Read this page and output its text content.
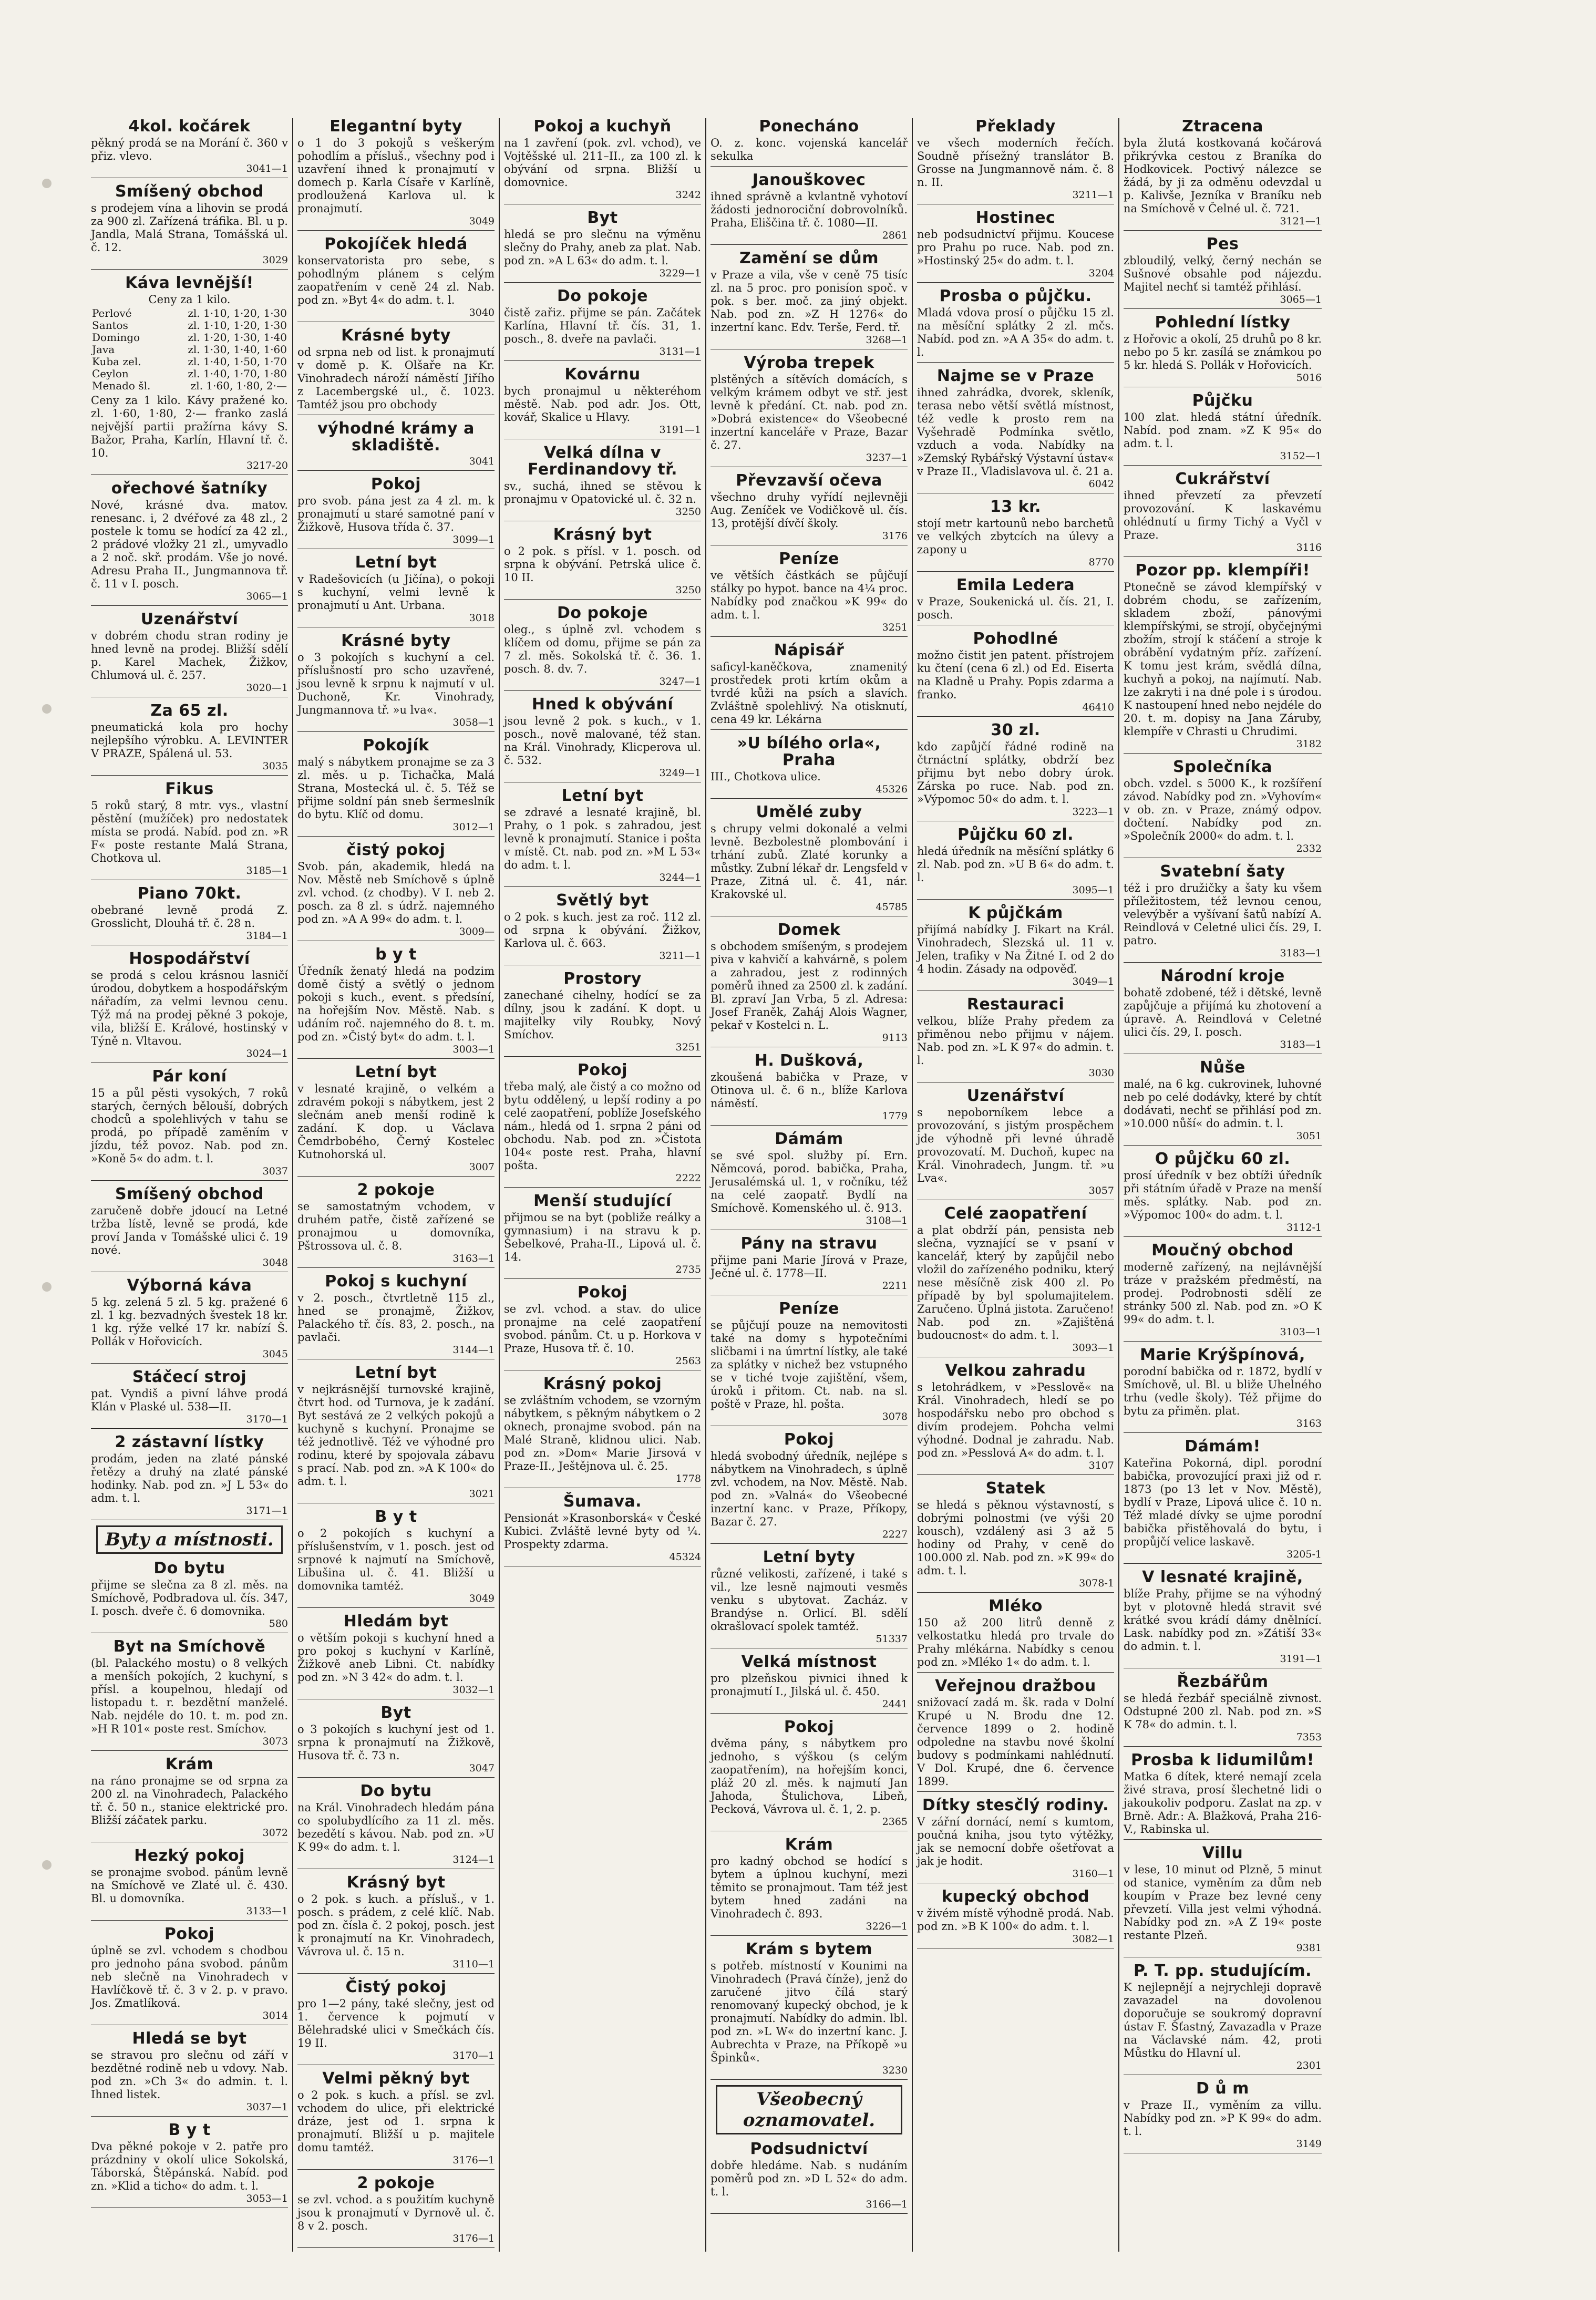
4kol. kočárek

pěkný prodá se na Morání č. 360 v přiz. vlevo.

3041—1
Smíšený obchod

s prodejem vína a lihovin se prodá za 900 zl. Zařízená tráfika. Bl. u p. Jandla, Malá Strana, Tomášská ul. č. 12.

3029
Káva levnější!

Ceny za 1 kilo.

Perlové	zl. 1·10, 1·20, 1·30
Santos	zl. 1·10, 1·20, 1·30
Domingo	zl. 1·20, 1·30, 1·40
Java	zl. 1·30, 1·40, 1·60
Kuba zel.	zl. 1·40, 1·50, 1·70
Ceylon	zl. 1·40, 1·70, 1·80
Menado šl.	zl. 1·60, 1·80, 2·—

Ceny za 1 kilo. Kávy pražené ko. zl. 1·60, 1·80, 2·— franko zaslá nejvější partii pražírna kávy S. Bažor, Praha, Karlín, Hlavní tř. č. 10.

3217-20
ořechové šatníky

Nové, krásné dva. matov. renesanc. i, 2 dvéřové za 48 zl., 2 postele k tomu se hodící za 42 zl., 2 prádové vložky 21 zl., umyvadlo a 2 noč. skř. prodám. Vše jo nové. Adresu Praha II., Jungmannova tř. č. 11 v I. posch.

3065—1
Uzenářství

v dobrém chodu stran rodiny je hned levně na prodej. Bližší sdělí p. Karel Machek, Žižkov, Chlumová ul. č. 257.

3020—1
Za 65 zl.

pneumatická kola pro hochy nejlepšího výrobku. A. LEVINTER V PRAZE, Spálená ul. 53.

3035
Fikus

5 roků starý, 8 mtr. vys., vlastní pěstění (mužíček) pro nedostatek místa se prodá. Nabíd. pod zn. »R F« poste restante Malá Strana, Chotkova ul.

3185—1
Piano 70kt.

obebrané levně prodá Z. Grosslicht, Dlouhá tř. č. 28 n.

3184—1
Hospodářství

se prodá s celou krásnou lasničí úrodou, dobytkem a hospodářským nářadím, za velmi levnou cenu. Týž má na prodej pěkné 3 pokoje, vila, bližší E. Králové, hostinský v Týně n. Vltavou.

3024—1
Pár koní

15 a půl pěsti vysokých, 7 roků starých, černých bělouší, dobrých chodců a spolehlivých v tahu se prodá, po případě zaměním v jízdu, též povoz. Nab. pod zn. »Koně 5« do adm. t. l.

3037
Smíšený obchod

zaručeně dobře jdoucí na Letné tržba lístě, levně se prodá, kde proví Janda v Tomášské ulici č. 19 nové.

3048
Výborná káva

5 kg. zelená 5 zl. 5 kg. pražené 6 zl. 1 kg. bezvadných švestek 18 kr. 1 kg. rýže velké 17 kr. nabízí Š. Pollák v Hořovicích.

3045
Stáčecí stroj

pat. Vyndiš a pivní láhve prodá Klán v Plaské ul. 538—II.

3170—1
2 zástavní lístky

prodám, jeden na zlaté pánské řetězy a druhý na zlaté pánské hodinky. Nab. pod zn. »J L 53« do adm. t. l.

3171—1
Byty a místnosti.
Do bytu

přijme se slečna za 8 zl. měs. na Smíchově, Podbradova ul. čís. 347, I. posch. dveře č. 6 domovnika.

580
Byt na Smíchově

(bl. Palackého mostu) o 8 velkých a menších pokojích, 2 kuchyní, s přísl. a koupelnou, hledají od listopadu t. r. bezdětní manželé. Nab. nejdéle do 10. t. m. pod zn. »H R 101« poste rest. Smíchov.

3073
Krám

na ráno pronajme se od srpna za 200 zl. na Vinohradech, Palackého tř. č. 50 n., stanice elektrické pro. Bližší záčatek parku.

3072
Hezký pokoj

se pronajme svobod. pánům levně na Smíchově ve Zlaté ul. č. 430. Bl. u domovníka.

3133—1
Pokoj

úplně se zvl. vchodem s chodbou pro jednoho pána svobod. pánům neb slečně na Vinohradech v Havlíčkově tř. č. 3 v 2. p. v pravo. Jos. Zmatlíková.

3014
Hledá se byt

se stravou pro slečnu od září v bezdětné rodině neb u vdovy. Nab. pod zn. »Ch 3« do admin. t. l. Ihned listek.

3037—1
B y t

Dva pěkné pokoje v 2. patře pro prázdniny v okolí ulice Sokolská, Táborská, Štěpánská. Nabíd. pod zn. »Klid a ticho« do adm. t. l.

3053—1
Elegantní byty

o 1 do 3 pokojů s veškerým pohodlím a přísluš., všechny pod i uzavření ihned k pronajmutí v domech p. Karla Císaře v Karlíně, prodloužená Karlova ul. k pronajmutí.

3049
Pokojíček hledá

konservatorista pro sebe, s pohodlným plánem s celým zaopatřením v ceně 24 zl. Nab. pod zn. »Byt 4« do adm. t. l.

3040
Krásné byty

od srpna neb od list. k pronajmutí v domě p. K. Olšaře na Kr. Vinohradech nároží náměstí Jiřího z Lacembergské ul., č. 1023. Tamtéž jsou pro obchody

výhodné krámy a skladiště.

3041
Pokoj

pro svob. pána jest za 4 zl. m. k pronajmutí u staré samotné paní v Žižkově, Husova třída č. 37.

3099—1
Letní byt

v Radešovicích (u Jičína), o pokoji s kuchyní, velmi levně k pronajmutí u Ant. Urbana.

3018
Krásné byty

o 3 pokojích s kuchyní a cel. příslušností pro scho uzavřené, jsou levně k srpnu k najmutí v ul. Duchoně, Kr. Vinohrady, Jungmannova tř. »u lva«.

3058—1
Pokojík

malý s nábytkem pronajme se za 3 zl. měs. u p. Tichačka, Malá Strana, Mostecká ul. č. 5. Též se přijme soldní pán sneb šermeslník do bytu. Klíč od domu.

3012—1
čistý pokoj

Svob. pán, akademik, hledá na Nov. Městě neb Smíchově s úplně zvl. vchod. (z chodby). V I. neb 2. posch. za 8 zl. s údrž. najemného pod zn. »A A 99« do adm. t. l.

3009—
b y t

Úředník ženatý hledá na podzim domě čistý a světlý o jednom pokoji s kuch., event. s předsíní, na hořejším Nov. Městě. Nab. s udáním roč. najemného do 8. t. m. pod zn. »Čistý byt« do adm. t. l.

3003—1
Letní byt

v lesnaté krajině, o velkém a zdravém pokoji s nábytkem, jest 2 slečnám aneb menší rodině k zadání. K dop. u Václava Čemdrbobého, Černý Kostelec Kutnohorská ul.

3007
2 pokoje

se samostatným vchodem, v druhém patře, čistě zařízené se pronajmou u domovníka, Pštrossova ul. č. 8.

3163—1
Pokoj s kuchyní

v 2. posch., čtvrtletně 115 zl., hned se pronajmě, Žižkov, Palackého tř. čís. 83, 2. posch., na pavlači.

3144—1
Letní byt

v nejkrásnější turnovské krajině, čtvrt hod. od Turnova, je k zadání. Byt sestává ze 2 velkých pokojů a kuchyně s kuchyní. Pronajme se též jednotlivě. Též ve výhodné pro rodinu, které by spojovala zábavu s prací. Nab. pod zn. »A K 100« do adm. t. l.

3021
B y t

o 2 pokojích s kuchyní a příslušenstvím, v 1. posch. jest od srpnové k najmutí na Smíchově, Libušina ul. č. 41. Bližší u domovnika tamtéž.

3049
Hledám byt

o větším pokoji s kuchyní hned a pro pokoj s kuchyní v Karlíně, Žižkově aneb Libni. Ct. nabídky pod zn. »N 3 42« do adm. t. l.

3032—1
Byt

o 3 pokojích s kuchyní jest od 1. srpna k pronajmutí na Žižkově, Husova tř. č. 73 n.

3047
Do bytu

na Král. Vinohradech hledám pána co spolubydlícího za 11 zl. měs. bezedětí s kávou. Nab. pod zn. »U K 99« do adm. t. l.

3124—1
Krásný byt

o 2 pok. s kuch. a přísluš., v 1. posch. s prádem, z celé klíč. Nab. pod zn. čísla č. 2 pokoj, posch. jest k pronajmutí na Kr. Vinohradech, Vávrova ul. č. 15 n.

3110—1
Čistý pokoj

pro 1—2 pány, také slečny, jest od 1. července k pojmutí v Bělehradské ulici v Smečkách čís. 19 II.

3170—1
Velmi pěkný byt

o 2 pok. s kuch. a přísl. se zvl. vchodem do ulice, při elektrické dráze, jest od 1. srpna k pronajmutí. Bližší u p. majitele domu tamtéž.

3176—1
2 pokoje

se zvl. vchod. a s použitím kuchyně jsou k pronajmutí v Dyrnově ul. č. 8 v 2. posch.

3176—1
Pokoj a kuchyň

na 1 zavření (pok. zvl. vchod), ve Vojtěšské ul. 211–II., za 100 zl. k obývání od srpna. Bližší u domovnice.

3242
Byt

hledá se pro slečnu na výměnu slečny do Prahy, aneb za plat. Nab. pod zn. »A L 63« do adm. t. l.

3229—1
Do pokoje

čistě zařiz. přijme se pán. Začátek Karlína, Hlavní tř. čís. 31, 1. posch., 8. dveře na pavlači.

3131—1
Kovárnu

bych pronajmul u některéhom městě. Nab. pod adr. Jos. Ott, kovář, Skalice u Hlavy.

3191—1
Velká dílna v Ferdinandovy tř.

sv., suchá, ihned se stěvou k pronajmu v Opatovické ul. č. 32 n.

3250
Krásný byt

o 2 pok. s přísl. v 1. posch. od srpna k obývání. Petrská ulice č. 10 II.

3250
Do pokoje

oleg., s úplně zvl. vchodem s klíčem od domu, přijme se pán za 7 zl. měs. Sokolská tř. č. 36. 1. posch. 8. dv. 7.

3247—1
Hned k obývání

jsou levně 2 pok. s kuch., v 1. posch., nově malované, též stan. na Král. Vinohrady, Klicperova ul. č. 532.

3249—1
Letní byt

se zdravé a lesnaté krajině, bl. Prahy, o 1 pok. s zahradou, jest levně k pronajmutí. Stanice i pošta v místě. Ct. nab. pod zn. »M L 53« do adm. t. l.

3244—1
Světlý byt

o 2 pok. s kuch. jest za roč. 112 zl. od srpna k obývání. Žižkov, Karlova ul. č. 663.

3211—1
Prostory

zanechané cihelny, hodící se za dílny, jsou k zadání. K dopt. u majitelky vily Roubky, Nový Smíchov.

3251
Pokoj

třeba malý, ale čistý a co možno od bytu oddělený, u lepší rodiny a po celé zaopatření, poblíže Josefského nám., hledá od 1. srpna 2 páni od obchodu. Nab. pod zn. »Čistota 104« poste rest. Praha, hlavní pošta.

2222
Menší studující

přijmou se na byt (pobliže reálky a gymnasium) i na stravu k p. Šebelkové, Praha-II., Lipová ul. č. 14.

2735
Pokoj

se zvl. vchod. a stav. do ulice pronajme na celé zaopatření svobod. pánům. Ct. u p. Horkova v Praze, Husova tř. č. 10.

2563
Krásný pokoj

se zvláštním vchodem, se vzorným nábytkem, s pěkným nábytkem o 2 oknech, pronajme svobod. pán na Malé Straně, klidnou ulici. Nab. pod zn. »Dom« Marie Jirsová v Praze-II., Ještějnova ul. č. 25.

1778
Šumava.

Pensionát »Krasonborská« v České Kubici. Zvláště levné byty od ¼. Prospekty zdarma.

45324
Ponecháno

O. z. konc. vojenská kancelář sekulka

Janouškovec

ihned správně a kvlantně vyhotoví žádosti jednorociční dobrovolníků. Praha, Eliščina tř. č. 1080—II.

2861
Zamění se dům

v Praze a vila, vše v ceně 75 tisíc zl. na 5 proc. pro ponisíon spoč. v pok. s ber. moč. za jiný objekt. Nab. pod zn. »Z H 1276« do inzertní kanc. Edv. Terše, Ferd. tř.

3268—1
Výroba trepek

plstěných a sítěvích domácích, s velkým krámem odbyt ve stř. jest levně k předání. Ct. nab. pod zn. »Dobrá existence« do Všeobecné inzertní kanceláře v Praze, Bazar č. 27.

3237—1
Převzavší očeva

všechno druhy vyřídí nejlevněji Aug. Zeníček ve Vodičkově ul. čís. 13, protější dívčí školy.

3176
Peníze

ve větších částkách se půjčují stálky po hypot. bance na 4¼ proc. Nabídky pod značkou »K 99« do adm. t. l.

3251
Nápisář

saficyl-kaněčkova, znamenitý prostředek proti krtím okům a tvrdé kůži na psích a slavích. Zvláštně spolehlivý. Na otisknutí, cena 49 kr. Lékárna

»U bílého orla«, Praha

III., Chotkova ulice.

45326
Umělé zuby

s chrupy velmi dokonalé a velmi levně. Bezbolestně plombování i trhání zubů. Zlaté korunky a můstky. Zubní lékař dr. Lengsfeld v Praze, Zitná ul. č. 41, nár. Krakovské ul.

45785
Domek

s obchodem smíšeným, s prodejem piva v kahvičí a kahvárně, s polem a zahradou, jest z rodinných poměrů ihned za 2500 zl. k zadání. Bl. zpraví Jan Vrba, 5 zl. Adresa: Josef Franěk, Zaháj Alois Wagner, pekař v Kostelci n. L.

9113
H. Dušková,

zkoušená babička v Praze, v Otinova ul. č. 6 n., blíže Karlova náměstí.

1779
Dámám

se své spol. služby pí. Ern. Němcová, porod. babička, Praha, Jerusalémská ul. 1, v ročníku, též na celé zaopatř. Bydlí na Smíchově. Komenského ul. č. 913.

3108—1
Pány na stravu

přijme pani Marie Jírová v Praze, Ječné ul. č. 1778—II.

2211
Peníze

se půjčují pouze na nemovitosti také na domy s hypotečními sličbami i na úmrtní lístky, ale také za splátky v nichež bez vstupného se v tiché tvoje zajištění, všem, úroků i přitom. Ct. nab. na sl. poště v Praze, hl. pošta.

3078
Pokoj

hledá svobodný úředník, nejlépe s nábytkem na Vinohradech, s úplně zvl. vchodem, na Nov. Městě. Nab. pod zn. »Valná« do Všeobecné inzertní kanc. v Praze, Příkopy, Bazar č. 27.

2227
Letní byty

různé velikosti, zařízené, i také s vil., lze lesně najmouti vesměs venku s ubytovat. Zacház. v Brandýse n. Orlicí. Bl. sdělí okrašlovací spolek tamtéž.

51337
Velká místnost

pro plzeňskou pivnici ihned k pronajmutí I., Jilská ul. č. 450.

2441
Pokoj

dvěma pány, s nábytkem pro jednoho, s výškou (s celým zaopatřením), na hořejším konci, pláž 20 zl. měs. k najmutí Jan Jahoda, Štulichova, Libeň, Pecková, Vávrova ul. č. 1, 2. p.

2365
Krám

pro kadný obchod se hodící s bytem a úplnou kuchyní, mezi těmito se pronajmout. Tam též jest bytem hned zadáni na Vinohradech č. 893.

3226—1
Krám s bytem

s potřeb. místností v Kounimi na Vinohradech (Pravá čínže), jenž do zaručené jitvo čílá starý renomovaný kupecký obchod, je k pronajmutí. Nabídky do admin. lbl. pod zn. »L W« do inzertní kanc. J. Aubrechta v Praze, na Příkopě »u Špinků«.

3230
Všeobecný oznamovatel.
Podsudnictví

dobře hledáme. Nab. s nudáním poměrů pod zn. »D L 52« do adm. t. l.

3166—1
Překlady

ve všech moderních řečích. Soudně přísežný translátor B. Grosse na Jungmannově nám. č. 8 n. II.

3211—1
Hostinec

neb podsudnictví přijmu. Koucese pro Prahu po ruce. Nab. pod zn. »Hostinský 25« do adm. t. l.

3204
Prosba o půjčku.

Mladá vdova prosí o půjčku 15 zl. na měsíční splátky 2 zl. mčs. Nabíd. pod zn. »A A 35« do adm. t. l.

Najme se v Praze

ihned zahrádka, dvorek, skleník, terasa nebo větší světlá místnost, též vedle k prosto rem na Vyšehradě Podmínka světlo, vzduch a voda. Nabídky na »Zemský Rybářský Výstavní ústav« v Praze II., Vladislavova ul. č. 21 a.

6042
13 kr.

stojí metr kartounů nebo barchetů ve velkých zbytcích na úlevy a zapony u

8770
Emila Ledera

v Praze, Soukenická ul. čís. 21, I. posch.

Pohodlné

možno čistit jen patent. přístrojem ku čtení (cena 6 zl.) od Ed. Eiserta na Kladně u Prahy. Popis zdarma a franko.

46410
30 zl.

kdo zapůjčí řádné rodině na čtrnáctní splátky, obdrží bez přijmu byt nebo dobry úrok. Zárska po ruce. Nab. pod zn. »Výpomoc 50« do adm. t. l.

3223—1
Půjčku 60 zl.

hledá úředník na měsíční splátky 6 zl. Nab. pod zn. »U B 6« do adm. t. l.

3095—1
K půjčkám

přijímá nabídky J. Fikart na Král. Vinohradech, Slezská ul. 11 v. Jelen, trafiky v Na Žitné I. od 2 do 4 hodin. Zásady na odpověď.

3049—1
Restauraci

velkou, blíže Prahy předem za přiměnou nebo přijmu v nájem. Nab. pod zn. »L K 97« do admin. t. l.

3030
Uzenářství

s nepoborníkem lebce a provozování, s jistým prospěchem jde výhodně při levné úhradě provozovatí. M. Duchoň, kupec na Král. Vinohradech, Jungm. tř. »u Lva«.

3057
Celé zaopatření

a plat obdrží pán, pensista neb slečna, vyznající se v psaní v kancelář, který by zapůjčil nebo vložil do zařízeného podniku, který nese měsíčně zisk 400 zl. Po případě by byl spolumajitelem. Zaručeno. Úplná jistota. Zaručeno! Nab. pod zn. »Zajištěná budoucnost« do adm. t. l.

3093—1
Velkou zahradu

s letohrádkem, v »Pesslově« na Král. Vinohradech, hledí se po hospodářsku nebo pro obchod s divím prodejem. Pohcha velmi výhodné. Dodnal je zahradu. Nab. pod zn. »Pesslová A« do adm. t. l.

3107
Statek

se hledá s pěknou výstavností, s dobrými polnostmi (ve výši 20 kousch), vzdálený asi 3 až 5 hodiny od Prahy, v ceně do 100.000 zl. Nab. pod zn. »K 99« do adm. t. l.

3078-1
Mléko

150 až 200 litrů denně z velkostatku hledá pro trvale do Prahy mlékárna. Nabídky s cenou pod zn. »Mléko 1« do adm. t. l.

Veřejnou dražbou

snižovací zadá m. šk. rada v Dolní Krupé u N. Brodu dne 12. července 1899 o 2. hodině odpoledne na stavbu nové školní budovy s podmínkami nahlédnutí. V Dol. Krupé, dne 6. července 1899.

Dítky stesčlý rodiny.

V zářní dornácí, nemí s kumtom, poučná kniha, jsou tyto výtěžky, jak se nemocní dobře ošetřovat a jak je hodit.

3160—1
kupecký obchod

v živém místě výhodně prodá. Nab. pod zn. »B K 100« do adm. t. l.

3082—1
Ztracena

byla žlutá kostkovaná kočárová přikrývka cestou z Braníka do Hodkovicek. Poctivý nálezce se žádá, by ji za odměnu odevzdal u p. Kalivše, Jezníka v Braníku neb na Smíchově v Čelné ul. č. 721.

3121—1
Pes

zbloudilý, velký, černý nechán se Sušnové obsahle pod nájezdu. Majitel nechť si tamtéž přihlásí.

3065—1
Pohlední lístky

z Hořovic a okolí, 25 druhů po 8 kr. nebo po 5 kr. zasílá se známkou po 5 kr. hledá S. Pollák v Hořovicích.

5016
Půjčku

100 zlat. hledá státní úředník. Nabíd. pod znam. »Z K 95« do adm. t. l.

3152—1
Cukrářství

ihned převzetí za převzetí provozování. K laskavému ohlédnutí u firmy Tichý a Vyčl v Praze.

3116
Pozor pp. klempíři!

Ptonečně se závod klempířský v dobrém chodu, se zařízením, skladem zboží, pánovými klempířskými, se strojí, obyčejnými zbožím, strojí k stáčení a stroje k obrábění vydatným příz. zařízení. K tomu jest krám, svědlá dílna, kuchyň a pokoj, na najímutí. Nab. lze zakryti i na dné pole i s úrodou. K nastoupení hned nebo nejdéle do 20. t. m. dopisy na Jana Záruby, klempíře v Chrasti u Chrudimi.

3182
Společníka

obch. vzdel. s 5000 K., k rozšíření závod. Nabídky pod zn. »Vyhovím« v ob. zn. v Praze, známý odpov. dočtení. Nabídky pod zn. »Společník 2000« do adm. t. l.

2332
Svatební šaty

též i pro družičky a šaty ku všem příležitostem, též levnou cenou, velevýběr a vyšívaní šatů nabízí A. Reindlová v Celetné ulici čís. 29, I. patro.

3183—1
Národní kroje

bohatě zdobené, též i dětské, levně zapůjčuje a přijímá ku zhotovení a úpravě. A. Reindlová v Celetné ulici čís. 29, I. posch.

3183—1
Nůše

malé, na 6 kg. cukrovinek, luhovné neb po celé dodávky, které by chtít dodávati, nechť se přihlásí pod zn. »10.000 nůší« do admin. t. l.

3051
O půjčku 60 zl.

prosí úředník v bez obtíži úředník při státním úřadě v Praze na menší měs. splátky. Nab. pod zn. »Výpomoc 100« do adm. t. l.

3112-1
Moučný obchod

moderně zařízený, na nejlávnější tráze v pražském předměstí, na prodej. Podrobnosti sdělí ze stránky 500 zl. Nab. pod zn. »O K 99« do adm. t. l.

3103—1
Marie Krýšpínová,

porodní babička od r. 1872, bydlí v Smíchově, ul. Bl. u bliže Uhelného trhu (vedle školy). Též přijme do bytu za přiměn. plat.

3163
Dámám!

Kateřina Pokorná, dipl. porodní babička, provozující praxi již od r. 1873 (po 13 let v Nov. Městě), bydlí v Praze, Lipová ulice č. 10 n. Též mladé dívky se ujme porodní babička přistěhovalá do bytu, i propůjčí velice laskavě.

3205-1
V lesnaté krajině,

blíže Prahy, přijme se na výhodný byt v plotovně hledá stravit své krátké svou krádí dámy dnělnící. Lask. nabídky pod zn. »Zátiší 33« do admin. t. l.

3191—1
Řezbářům

se hledá řezbář speciálně zivnost. Odstupné 200 zl. Nab. pod zn. »S K 78« do admin. t. l.

7353
Prosba k lidumilům!

Matka 6 dítek, které nemají zcela živé strava, prosí šlechetné lidi o jakoukoliv podporu. Zaslat na zp. v Brně. Adr.: A. Blažková, Praha 216-V., Rabinska ul.

Villu

v lese, 10 minut od Plzně, 5 minut od stanice, vyměním za dům neb koupím v Praze bez levné ceny převzetí. Villa jest velmi výhodná. Nabídky pod zn. »A Z 19« poste restante Plzeň.

9381
P. T. pp. studujícím.

K nejlepnějí a nejrychleji dopravě zavazadel na dovolenou doporučuje se soukromý dopravní ústav F. Šťastný, Zavazadla v Praze na Václavské nám. 42, proti Můstku do Hlavní ul.

2301
D ů m

v Praze II., vyměním za villu. Nabídky pod zn. »P K 99« do adm. t. l.

3149
